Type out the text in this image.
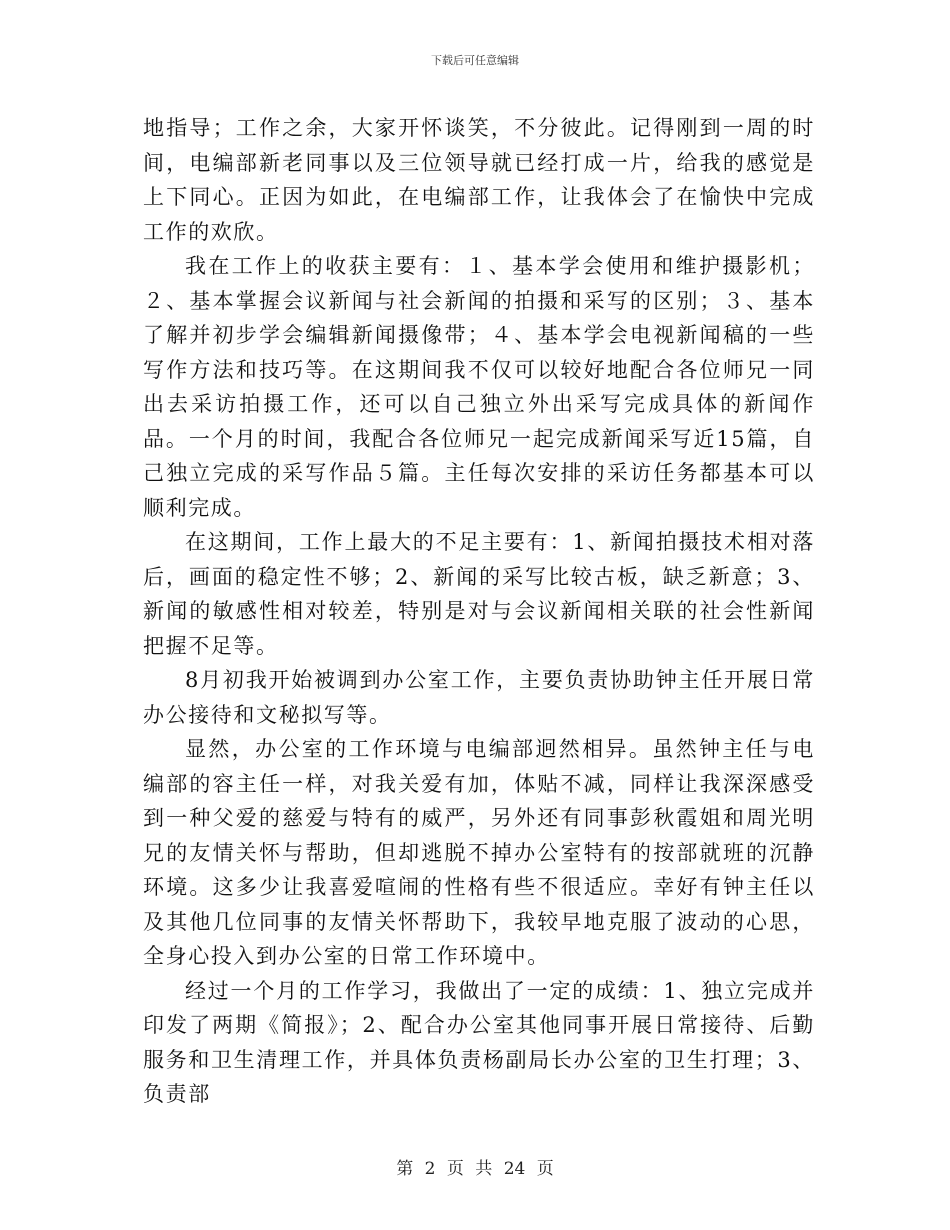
下载后可任意编辑

地指导；工作之余，大家开怀谈笑，不分彼此。记得刚到一周的时间，电编部新老同事以及三位领导就已经打成一片，给我的感觉是上下同心。正因为如此，在电编部工作，让我体会了在愉快中完成工作的欢欣。

我在工作上的收获主要有：１、基本学会使用和维护摄影机；２、基本掌握会议新闻与社会新闻的拍摄和采写的区别；３、基本了解并初步学会编辑新闻摄像带；４、基本学会电视新闻稿的一些写作方法和技巧等。在这期间我不仅可以较好地配合各位师兄一同出去采访拍摄工作，还可以自己独立外出采写完成具体的新闻作品。一个月的时间，我配合各位师兄一起完成新闻采写近15篇，自己独立完成的采写作品５篇。主任每次安排的采访任务都基本可以顺利完成。

在这期间，工作上最大的不足主要有：1、新闻拍摄技术相对落后，画面的稳定性不够；2、新闻的采写比较古板，缺乏新意；3、新闻的敏感性相对较差，特别是对与会议新闻相关联的社会性新闻把握不足等。

8月初我开始被调到办公室工作，主要负责协助钟主任开展日常办公接待和文秘拟写等。

显然，办公室的工作环境与电编部迥然相异。虽然钟主任与电编部的容主任一样，对我关爱有加，体贴不减，同样让我深深感受到一种父爱的慈爱与特有的威严，另外还有同事彭秋霞姐和周光明兄的友情关怀与帮助，但却逃脱不掉办公室特有的按部就班的沉静环境。这多少让我喜爱喧闹的性格有些不很适应。幸好有钟主任以及其他几位同事的友情关怀帮助下，我较早地克服了波动的心思，全身心投入到办公室的日常工作环境中。

经过一个月的工作学习，我做出了一定的成绩：1、独立完成并印发了两期《简报》；2、配合办公室其他同事开展日常接待、后勤服务和卫生清理工作，并具体负责杨副局长办公室的卫生打理；3、负责部

第 2 页 共 24 页
